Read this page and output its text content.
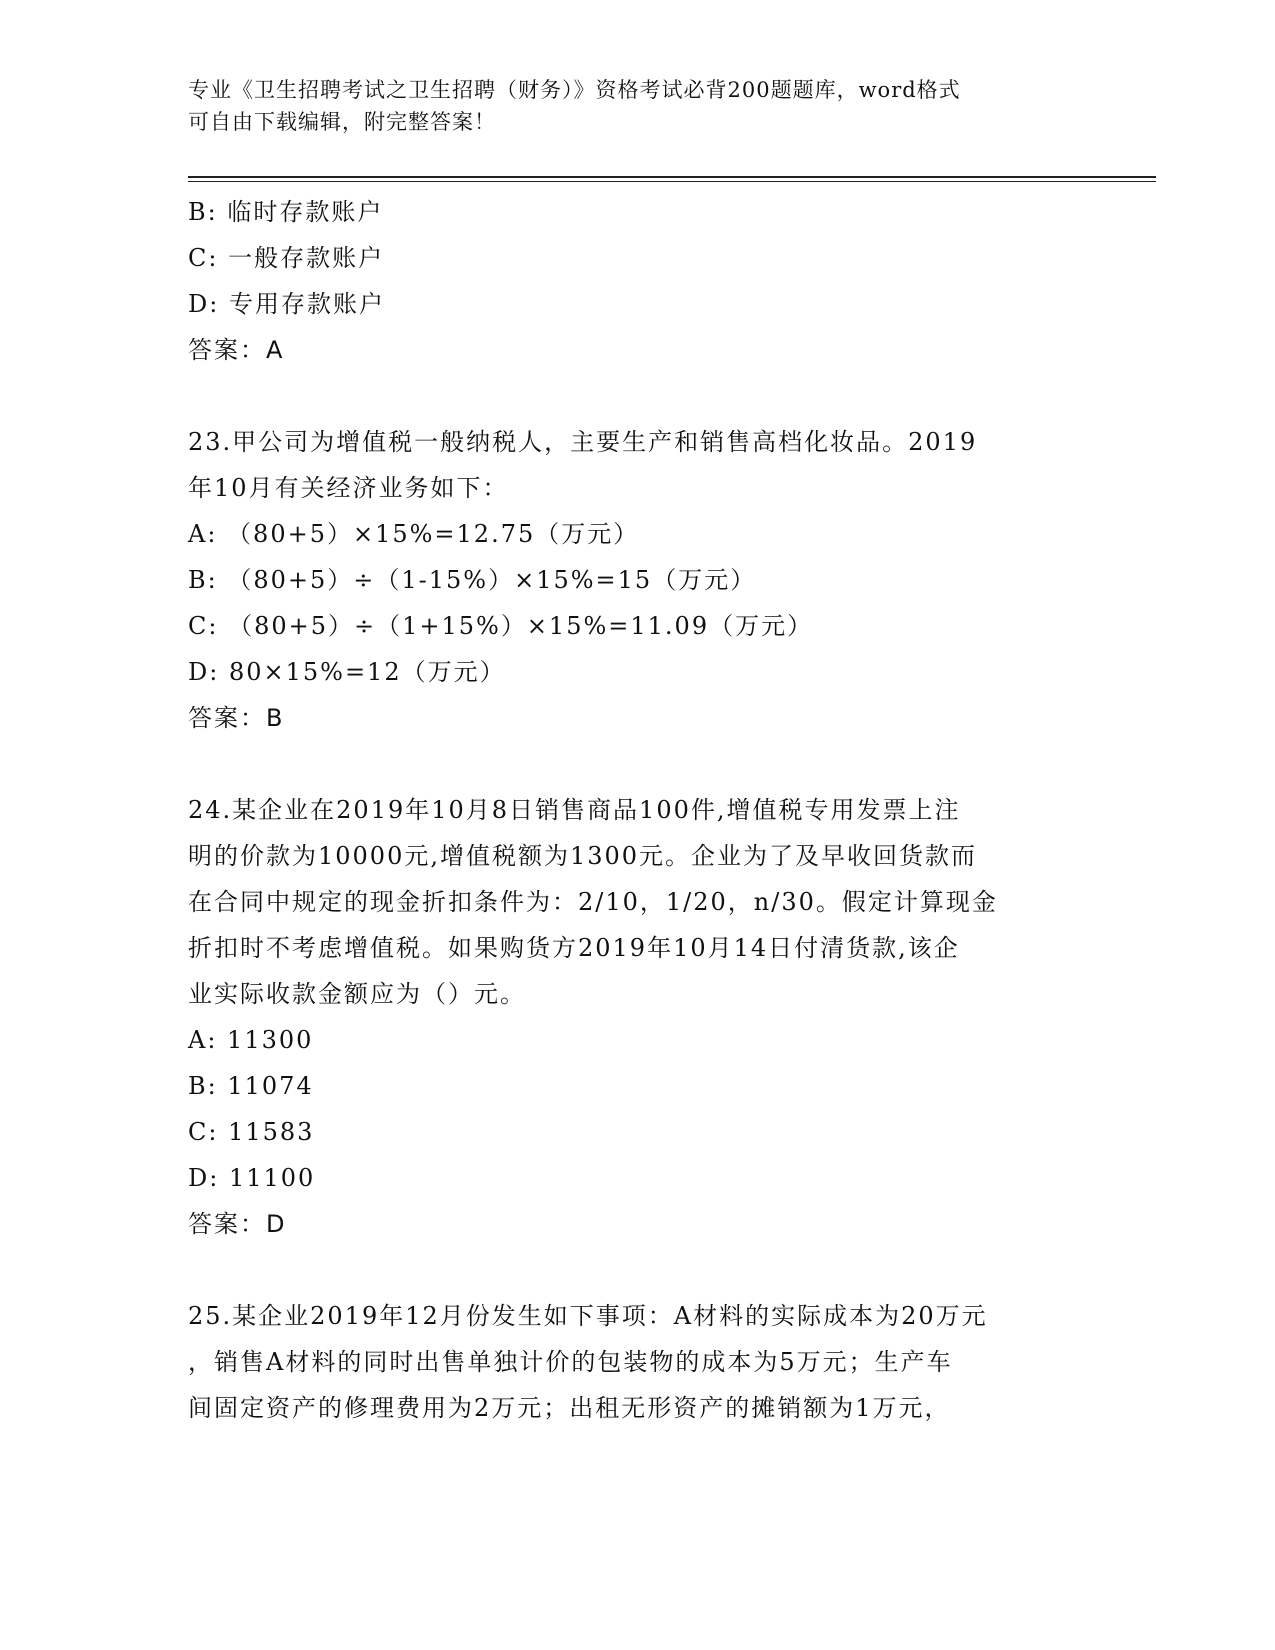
专业《卫生招聘考试之卫生招聘（财务）》资格考试必背200题题库，word格式
可自由下载编辑，附完整答案！
B: 临时存款账户
C: 一般存款账户
D: 专用存款账户
答案：A
23.甲公司为增值税一般纳税人，主要生产和销售高档化妆品。2019
年10月有关经济业务如下：
A: （80+5）×15%=12.75（万元）
B: （80+5）÷（1-15%）×15%=15（万元）
C: （80+5）÷（1+15%）×15%=11.09（万元）
D: 80×15%=12（万元）
答案：B
24.某企业在2019年10月8日销售商品100件,增值税专用发票上注
明的价款为10000元,增值税额为1300元。企业为了及早收回货款而
在合同中规定的现金折扣条件为：2/10，1/20，n/30。假定计算现金
折扣时不考虑增值税。如果购货方2019年10月14日付清货款,该企
业实际收款金额应为（）元。
A: 11300
B: 11074
C: 11583
D: 11100
答案：D
25.某企业2019年12月份发生如下事项：A材料的实际成本为20万元
，销售A材料的同时出售单独计价的包装物的成本为5万元；生产车
间固定资产的修理费用为2万元；出租无形资产的摊销额为1万元，
